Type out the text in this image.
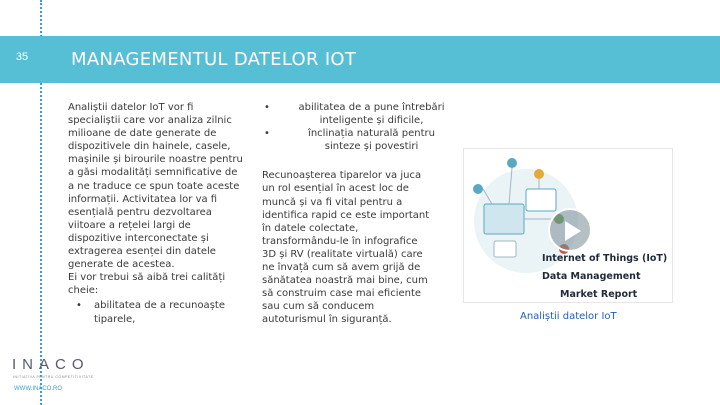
35	MANAGEMENTUL DATELOR IOT

Analiștii datelor IoT vor fi specialiștii care vor analiza zilnic milioane de date generate de dispozitivele din hainele, casele, mașinile și birourile noastre pentru a găsi modalități semnificative de a ne traduce ce spun toate aceste informații. Activitatea lor va fi esențială pentru dezvoltarea viitoare a rețelei largi de dispozitive interconectate și extragerea esenței din datele generate de acestea.

Ei vor trebui să aibă trei calități cheie:

•	abilitatea de a recunoaște tiparele,
•	abilitatea de a pune întrebări inteligente și dificile,
•	înclinația naturală pentru sinteze și povestiri
Recunoașterea tiparelor va juca un rol esențial în acest loc de muncă și va fi vital pentru a identifica rapid ce este important în datele colectate, transformându-le în infografice 3D și RV (realitate virtuală) care ne învață cum să avem grijă de sănătatea noastră mai bine, cum să construim case mai eficiente sau cum să conducem autoturismul în siguranță.
Internet of Things (IoT)
Data Management
Market Report
Analiștii datelor IoT
INACO
INITIATIVA PENTRU COMPETITIVITATE
WWW.INACO.RO
